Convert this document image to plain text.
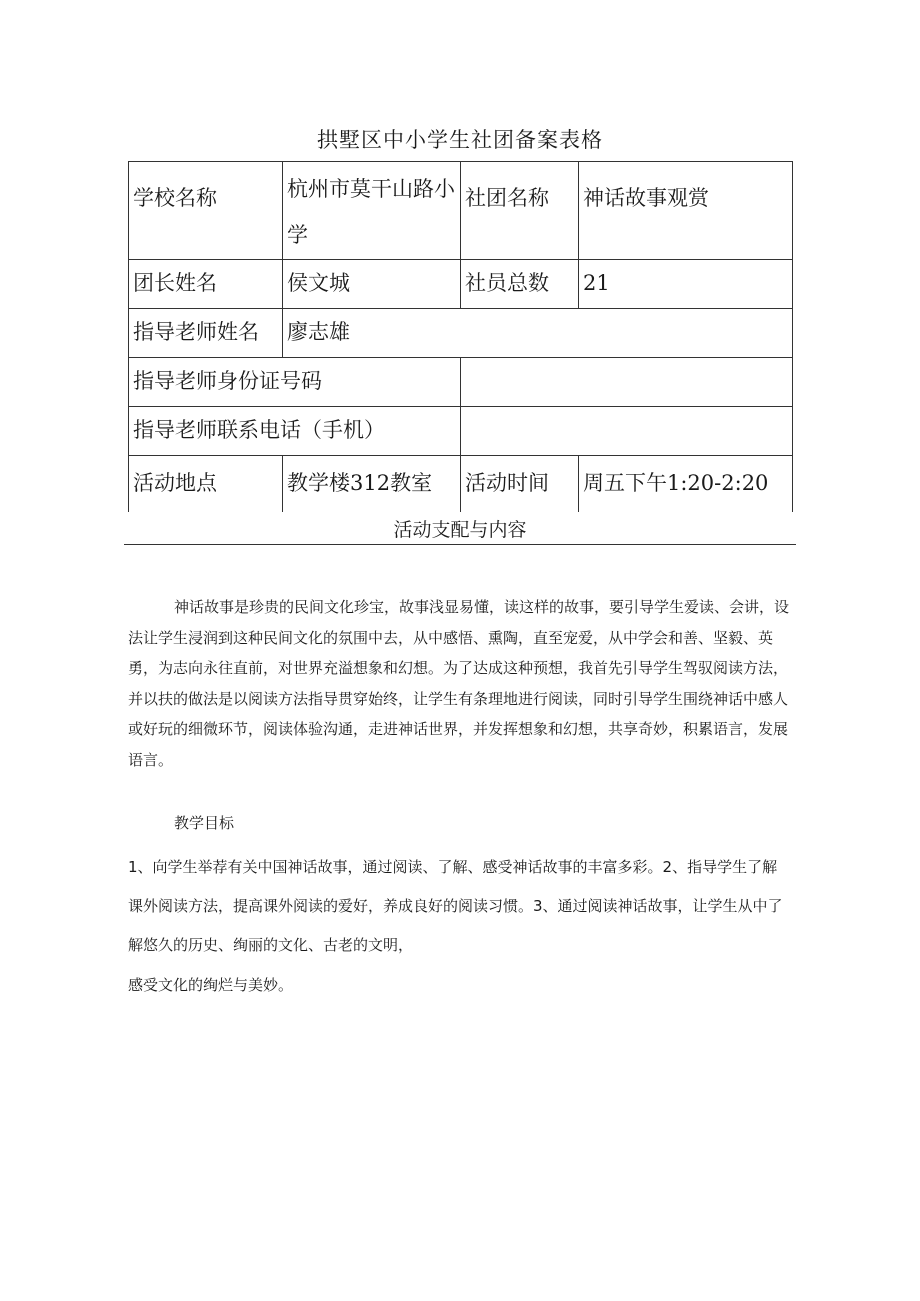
拱墅区中小学生社团备案表格
学校名称	杭州市莫干山路小学	社团名称	神话故事观赏
团长姓名	侯文城	社员总数	21
指导老师姓名	廖志雄		
指导老师身份证号码			
指导老师联系电话（手机）			
活动地点	教学楼312教室	活动时间	周五下午1:20-2:20
活动支配与内容
神话故事是珍贵的民间文化珍宝，故事浅显易懂，读这样的故事，要引导学生爱读、会讲，设法让学生浸润到这种民间文化的氛围中去，从中感悟、熏陶，直至宠爱，从中学会和善、坚毅、英勇，为志向永往直前，对世界充溢想象和幻想。为了达成这种预想，我首先引导学生驾驭阅读方法，并以扶的做法是以阅读方法指导贯穿始终，让学生有条理地进行阅读，同时引导学生围绕神话中感人或好玩的细微环节，阅读体验沟通，走进神话世界，并发挥想象和幻想，共享奇妙，积累语言，发展语言。
教学目标
1、向学生举荐有关中国神话故事，通过阅读、了解、感受神话故事的丰富多彩。2、指导学生了解课外阅读方法，提高课外阅读的爱好，养成良好的阅读习惯。3、通过阅读神话故事，让学生从中了解悠久的历史、绚丽的文化、古老的文明，
感受文化的绚烂与美妙。
